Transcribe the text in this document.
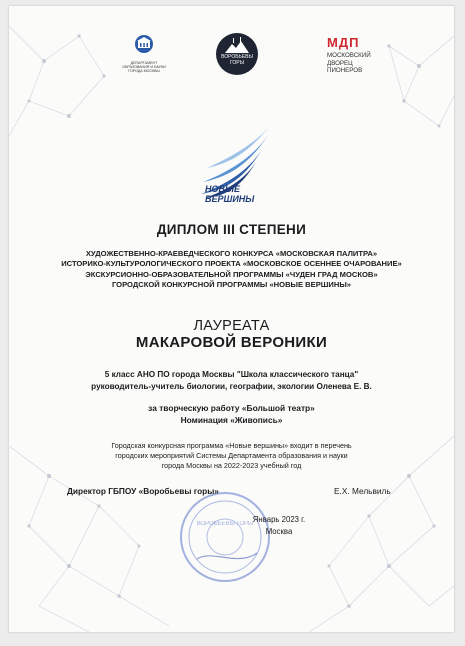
ДЕПАРТАМЕНТ ОБРАЗОВАНИЯ И НАУКИ ГОРОДА МОСКВЫ
ВОРОБЬЕВЫ
ГОРЫ
МДП
МОСКОВСКИЙ
ДВОРЕЦ
ПИОНЕРОВ
НОВЫЕ
ВЕРШИНЫ
ДИПЛОМ III СТЕПЕНИ
ХУДОЖЕСТВЕННО-КРАЕВЕДЧЕСКОГО КОНКУРСА «МОСКОВСКАЯ ПАЛИТРА»
ИСТОРИКО-КУЛЬТУРОЛОГИЧЕСКОГО ПРОЕКТА «МОСКОВСКОЕ ОСЕННЕЕ ОЧАРОВАНИЕ»
ЭКСКУРСИОННО-ОБРАЗОВАТЕЛЬНОЙ ПРОГРАММЫ «ЧУДЕН ГРАД МОСКОВ»
ГОРОДСКОЙ КОНКУРСНОЙ ПРОГРАММЫ «НОВЫЕ ВЕРШИНЫ»
ЛАУРЕАТА
МАКАРОВОЙ ВЕРОНИКИ
5 класс АНО ПО города Москвы "Школа классического танца"
руководитель-учитель биологии, географии, экологии Оленева Е. В.
за творческую работу «Большой театр»
Номинация «Живопись»
Городская конкурсная программа «Новые вершины» входит в перечень
городских мероприятий Системы Департамента образования и науки
города Москвы на 2022-2023 учебный год
ВОРОБЬЕВЫ ГОРЫ
Директор ГБПОУ «Воробьевы горы»	Е.Х. Мельвиль
Январь 2023 г.
Москва
